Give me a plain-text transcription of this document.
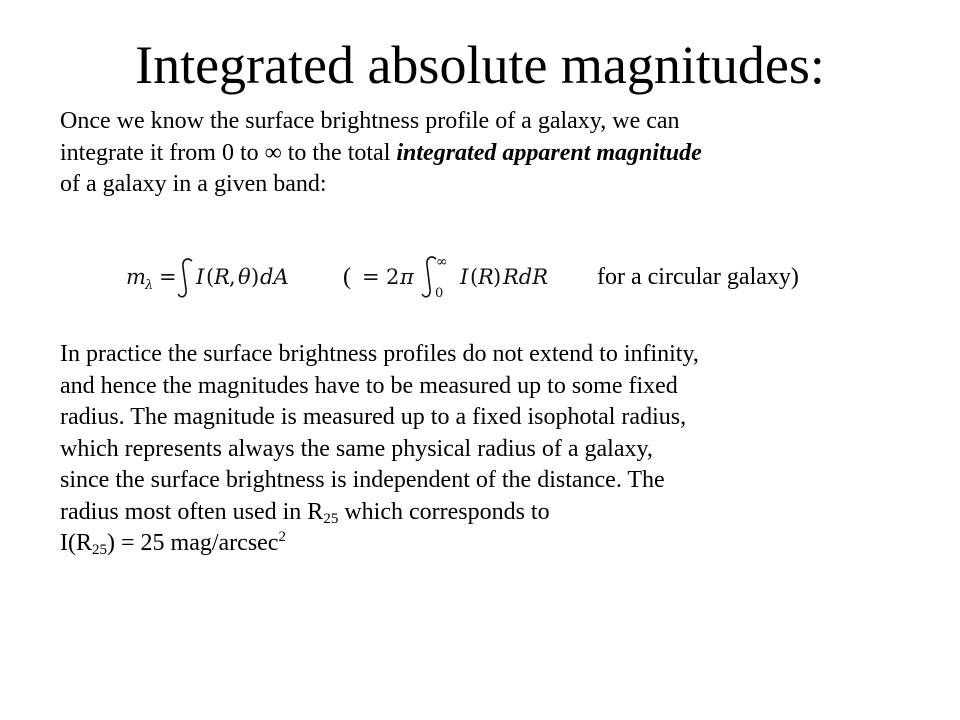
Integrated absolute magnitudes:
Once we know the surface brightness profile of a galaxy, we can
integrate it from 0 to ∞ to the total integrated apparent magnitude
of a galaxy in a given band:
m λ = I ( R , θ ) dA ( = 2 π
∞
0
I ( R ) RdR for a circular galaxy)
In practice the surface brightness profiles do not extend to infinity,
and hence the magnitudes have to be measured up to some fixed
radius. The magnitude is measured up to a fixed isophotal radius,
which represents always the same physical radius of a galaxy,
since the surface brightness is independent of the distance. The
radius most often used in $R_{25}$ which corresponds to
$I(R_{25}) = 25$ mag/arcsec$^2$
